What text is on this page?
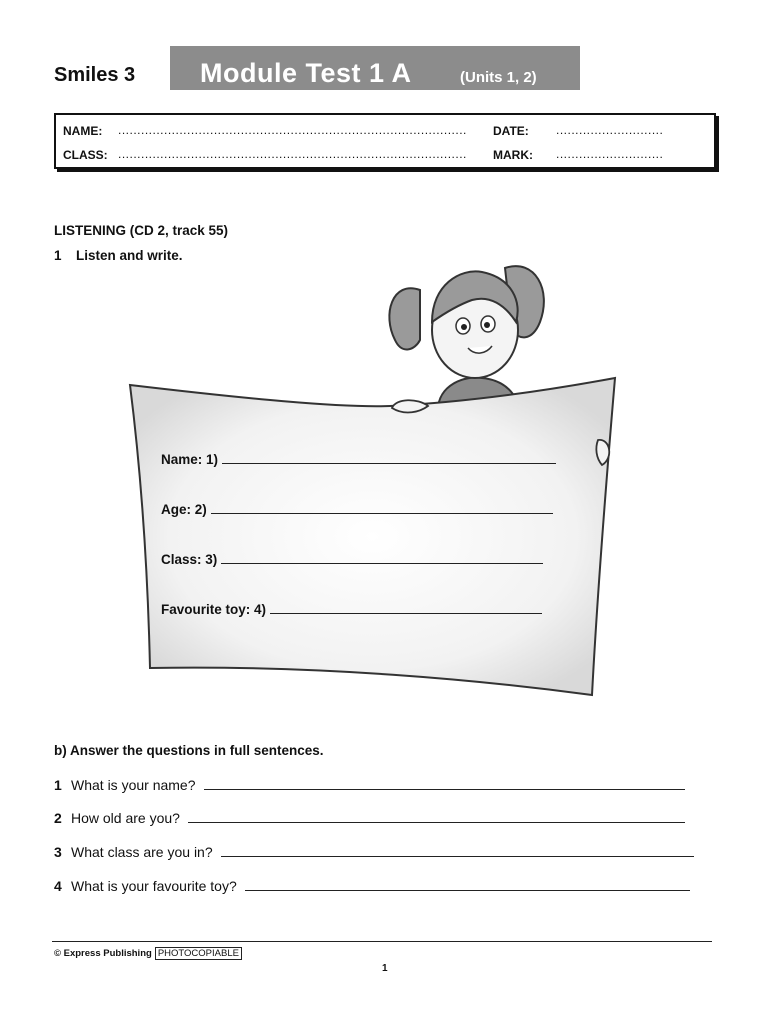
Smiles 3 Module Test 1 A	(Units 1, 2)
NAME: ...........................................................................................	DATE: ............................
CLASS: ...........................................................................................	MARK: ............................
LISTENING (CD 2, track 55)
1 Listen and write.
Name: 1)
Age: 2)
Class: 3)
Favourite toy: 4)
b) Answer the questions in full sentences.
1 What is your name?
2 How old are you?
3 What class are you in?
4 What is your favourite toy?
© Express Publishing PHOTOCOPIABLE
1
